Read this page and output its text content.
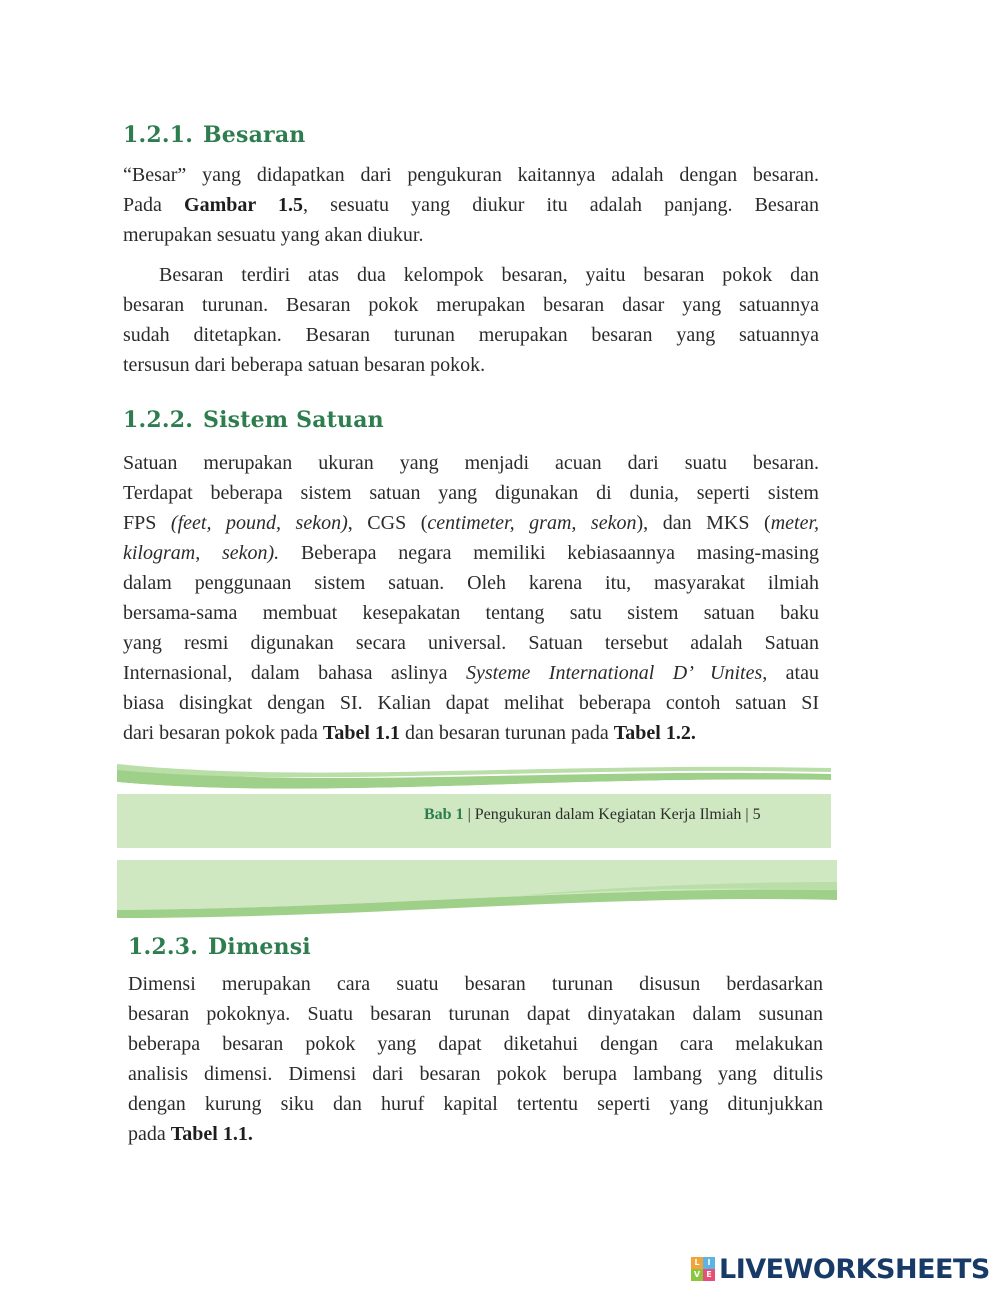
1.2.1. Besaran
“Besar” yang didapatkan dari pengukuran kaitannya adalah dengan besaran.
Pada Gambar 1.5, sesuatu yang diukur itu adalah panjang. Besaran
merupakan sesuatu yang akan diukur.
Besaran terdiri atas dua kelompok besaran, yaitu besaran pokok dan
besaran turunan. Besaran pokok merupakan besaran dasar yang satuannya
sudah ditetapkan. Besaran turunan merupakan besaran yang satuannya
tersusun dari beberapa satuan besaran pokok.
1.2.2. Sistem Satuan
Satuan merupakan ukuran yang menjadi acuan dari suatu besaran.
Terdapat beberapa sistem satuan yang digunakan di dunia, seperti sistem
FPS (feet, pound, sekon), CGS (centimeter, gram, sekon), dan MKS (meter,
kilogram, sekon). Beberapa negara memiliki kebiasaannya masing-masing
dalam penggunaan sistem satuan. Oleh karena itu, masyarakat ilmiah
bersama-sama membuat kesepakatan tentang satu sistem satuan baku
yang resmi digunakan secara universal. Satuan tersebut adalah Satuan
Internasional, dalam bahasa aslinya Systeme International D’ Unites, atau
biasa disingkat dengan SI. Kalian dapat melihat beberapa contoh satuan SI
dari besaran pokok pada Tabel 1.1 dan besaran turunan pada Tabel 1.2.
Bab 1 | Pengukuran dalam Kegiatan Kerja Ilmiah | 5
1.2.3. Dimensi
Dimensi merupakan cara suatu besaran turunan disusun berdasarkan
besaran pokoknya. Suatu besaran turunan dapat dinyatakan dalam susunan
beberapa besaran pokok yang dapat diketahui dengan cara melakukan
analisis dimensi. Dimensi dari besaran pokok berupa lambang yang ditulis
dengan kurung siku dan huruf kapital tertentu seperti yang ditunjukkan
pada Tabel 1.1.
L I
V E LIVEWORKSHEETS
